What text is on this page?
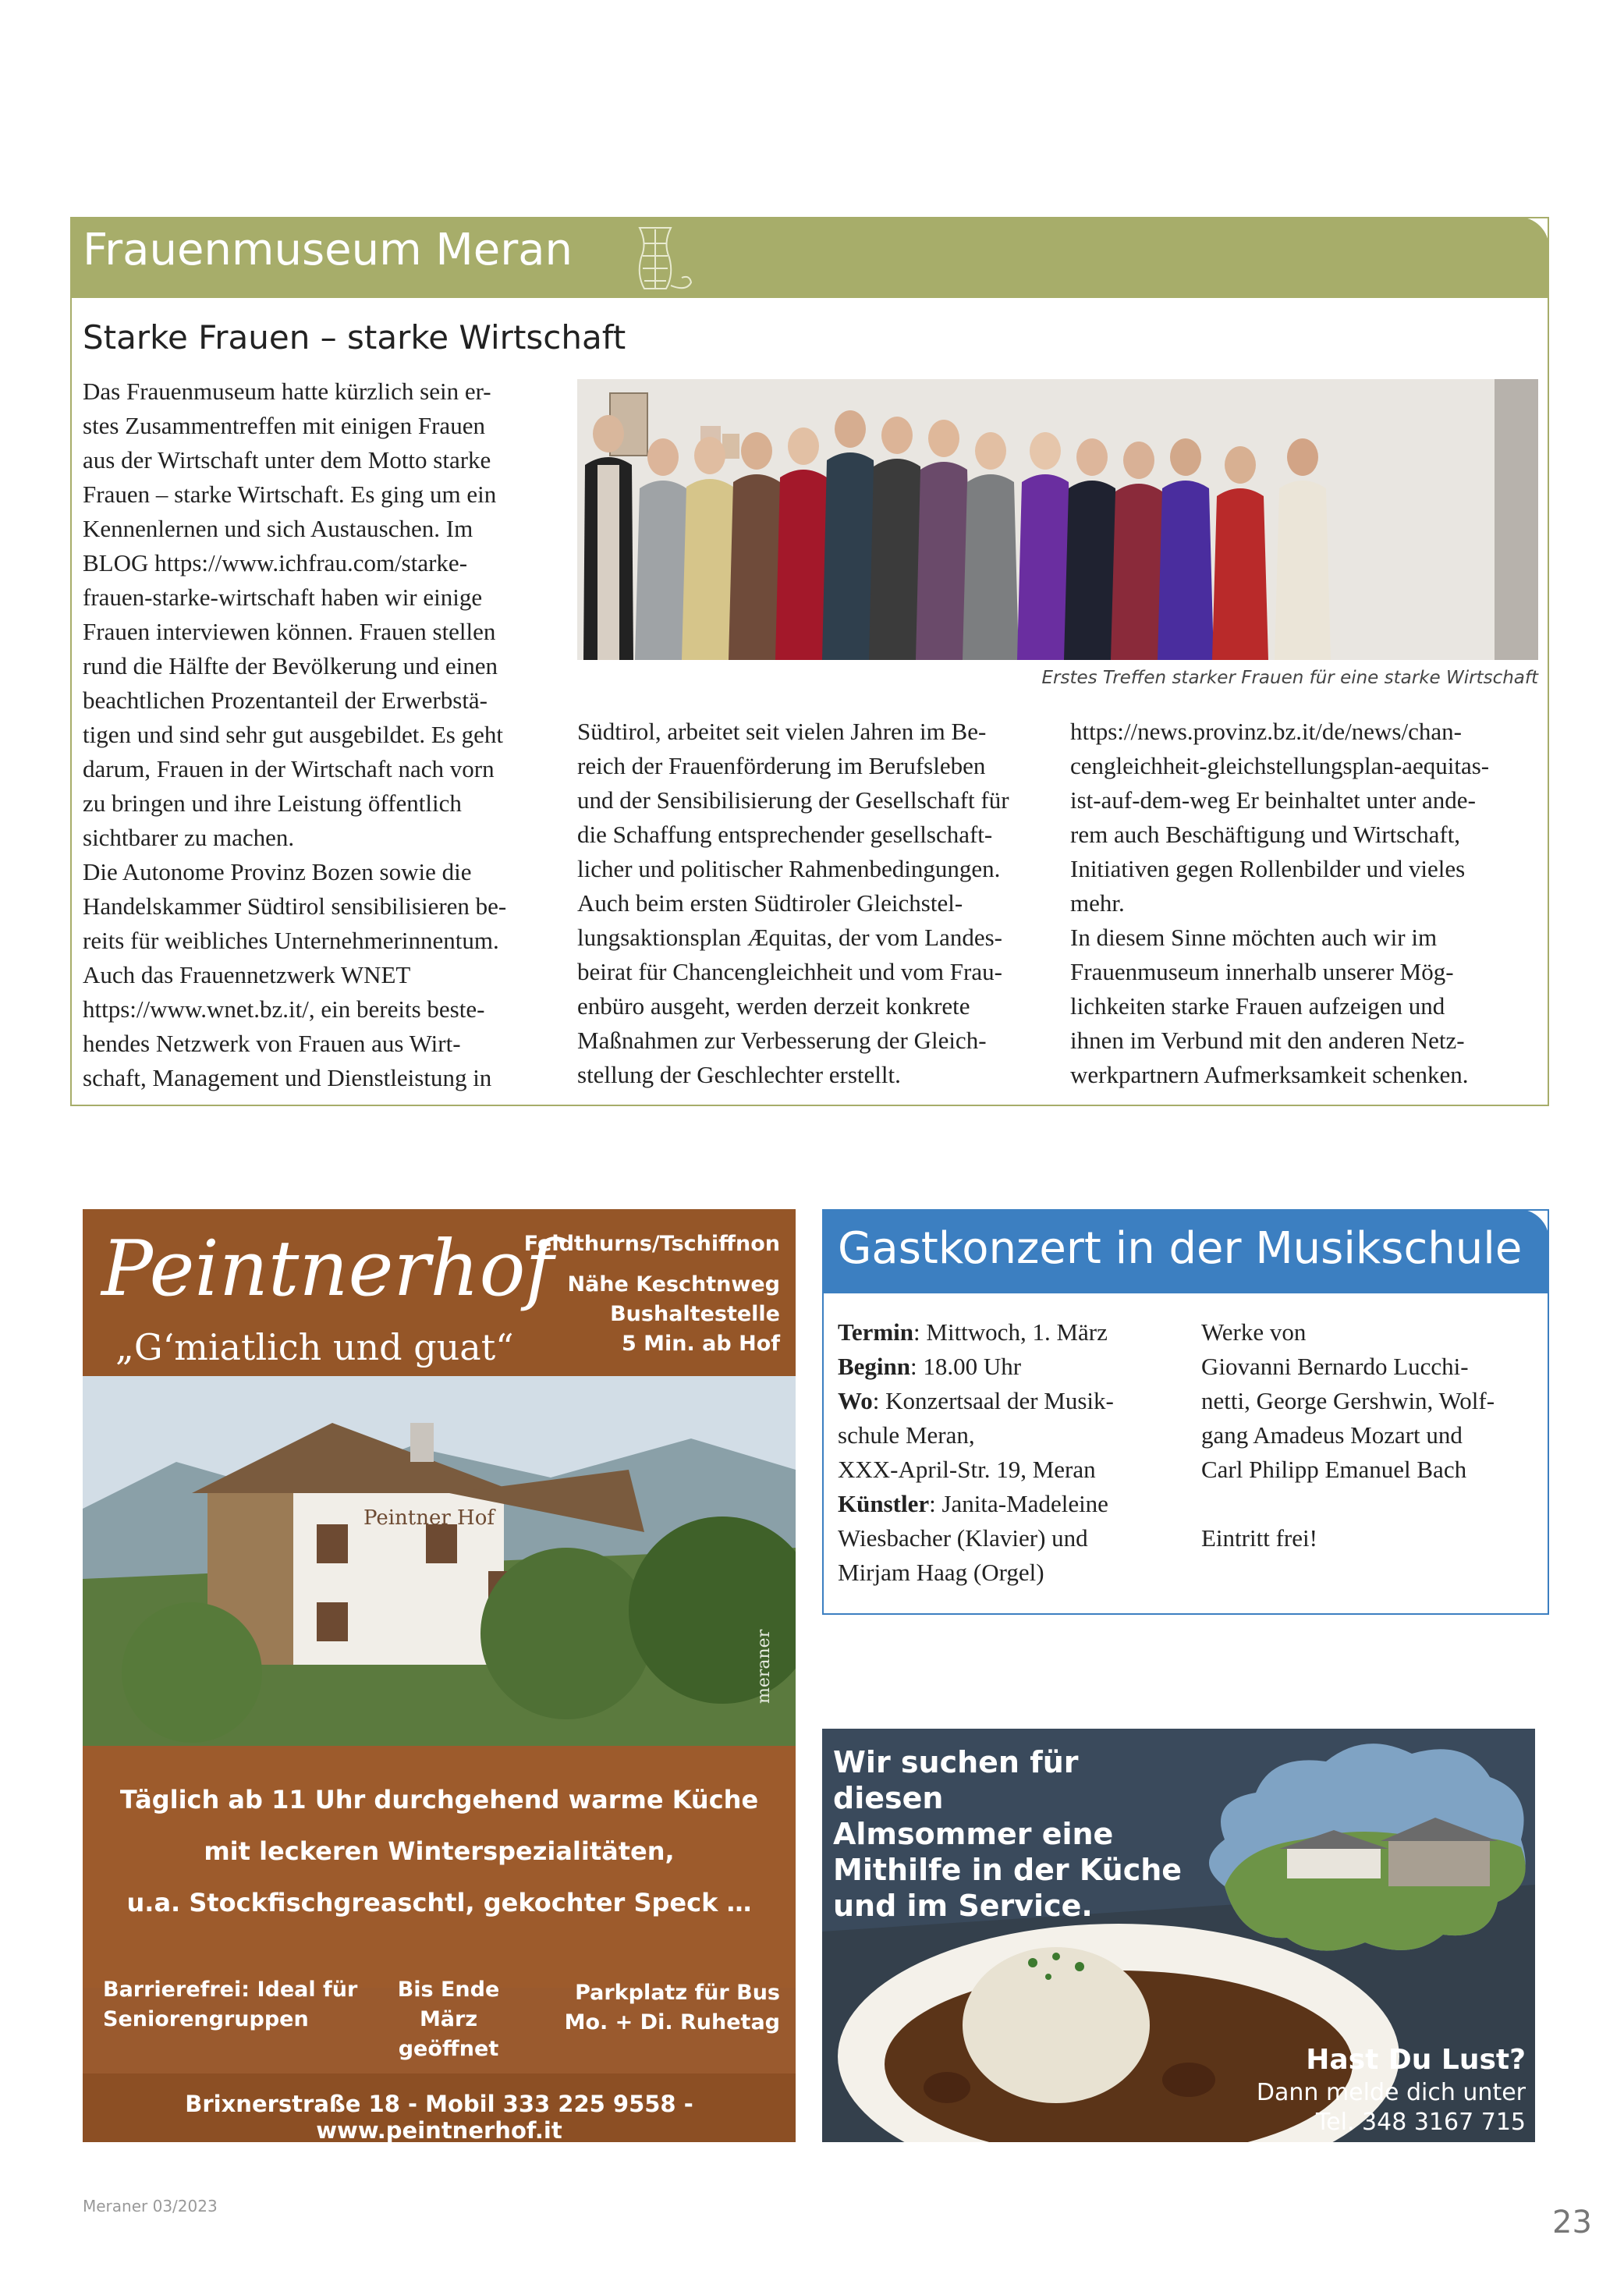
Frauenmuseum Meran
Starke Frauen – starke Wirtschaft
Das Frauenmuseum hatte kürzlich sein er-
stes Zusammentreffen mit einigen Frauen
aus der Wirtschaft unter dem Motto starke
Frauen – starke Wirtschaft. Es ging um ein
Kennenlernen und sich Austauschen. Im
BLOG https://www.ichfrau.com/starke-
frauen-starke-wirtschaft haben wir einige
Frauen interviewen können. Frauen stellen
rund die Hälfte der Bevölkerung und einen
beachtlichen Prozentanteil der Erwerbstä-
tigen und sind sehr gut ausgebildet. Es geht
darum, Frauen in der Wirtschaft nach vorn
zu bringen und ihre Leistung öffentlich
sichtbarer zu machen.
Die Autonome Provinz Bozen sowie die
Handelskammer Südtirol sensibilisieren be-
reits für weibliches Unternehmerinnentum.
Auch das Frauennetzwerk WNET
https://www.wnet.bz.it/, ein bereits beste-
hendes Netzwerk von Frauen aus Wirt-
schaft, Management und Dienstleistung in
Erstes Treffen starker Frauen für eine starke Wirtschaft
Südtirol, arbeitet seit vielen Jahren im Be-
reich der Frauenförderung im Berufsleben
und der Sensibilisierung der Gesellschaft für
die Schaffung entsprechender gesellschaft-
licher und politischer Rahmenbedingungen.
Auch beim ersten Südtiroler Gleichstel-
lungsaktionsplan Æquitas, der vom Landes-
beirat für Chancengleichheit und vom Frau-
enbüro ausgeht, werden derzeit konkrete
Maßnahmen zur Verbesserung der Gleich-
stellung der Geschlechter erstellt.
https://news.provinz.bz.it/de/news/chan-
cengleichheit-gleichstellungsplan-aequitas-
ist-auf-dem-weg Er beinhaltet unter ande-
rem auch Beschäftigung und Wirtschaft,
Initiativen gegen Rollenbilder und vieles
mehr.
In diesem Sinne möchten auch wir im
Frauenmuseum innerhalb unserer Mög-
lichkeiten starke Frauen aufzeigen und
ihnen im Verbund mit den anderen Netz-
werkpartnern Aufmerksamkeit schenken.
Peintnerhof
„G‘miatlich und guat“
Feldthurns/Tschiffnon
Nähe Keschtnweg
Bushaltestelle
5 Min. ab Hof
Peintner Hof
meraner
Täglich ab 11 Uhr durchgehend warme Küche
mit leckeren Winterspezialitäten,
u.a. Stockfischgreaschtl, gekochter Speck …
Barrierefrei: Ideal für
Seniorengruppen
Bis Ende März
geöffnet
Parkplatz für Bus
Mo. + Di. Ruhetag
Brixnerstraße 18 - Mobil 333 225 9558 - www.peintnerhof.it
Gastkonzert in der Musikschule
Termin: Mittwoch, 1. März
Beginn: 18.00 Uhr
Wo: Konzertsaal der Musik-
schule Meran,
XXX-April-Str. 19, Meran
Künstler: Janita-Madeleine
Wiesbacher (Klavier) und
Mirjam Haag (Orgel)
Werke von
Giovanni Bernardo Lucchi-
netti, George Gershwin, Wolf-
gang Amadeus Mozart und
Carl Philipp Emanuel Bach
Eintritt frei!
Wir suchen für diesen
Almsommer eine
Mithilfe in der Küche
und im Service.
Hast Du Lust?
Dann melde dich unter
Tel. 348 3167 715
Meraner 03/2023	23
